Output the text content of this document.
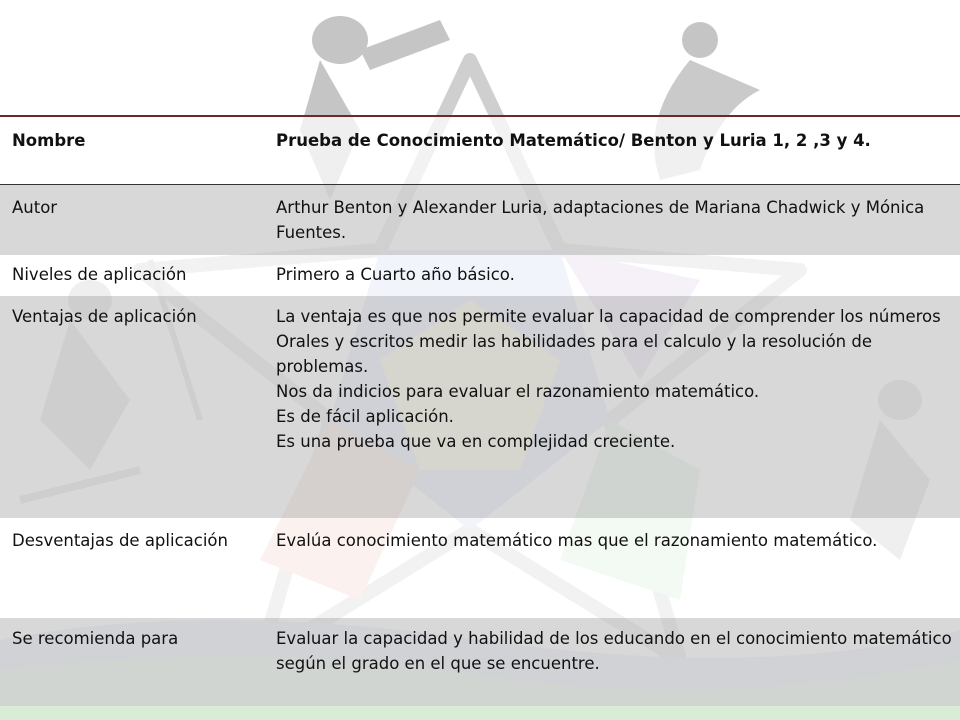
Nombre	Prueba de Conocimiento Matemático/ Benton y Luria 1, 2 ,3 y 4.
Autor	Arthur Benton y Alexander Luria, adaptaciones de Mariana Chadwick y Mónica Fuentes.

Niveles de aplicación	Primero a Cuarto año básico.

Ventajas de aplicación	La ventaja es que nos permite evaluar la capacidad de comprender los números
Orales y escritos medir las habilidades para el calculo y la resolución de problemas.
Nos da indicios para evaluar el razonamiento matemático.
Es de fácil aplicación.
Es una prueba que va en complejidad creciente.

Desventajas de aplicación	Evalúa conocimiento matemático mas que el razonamiento matemático.

Se recomienda para	Evaluar la capacidad y habilidad de los educando en el conocimiento matemático según el grado en el que se encuentre.
